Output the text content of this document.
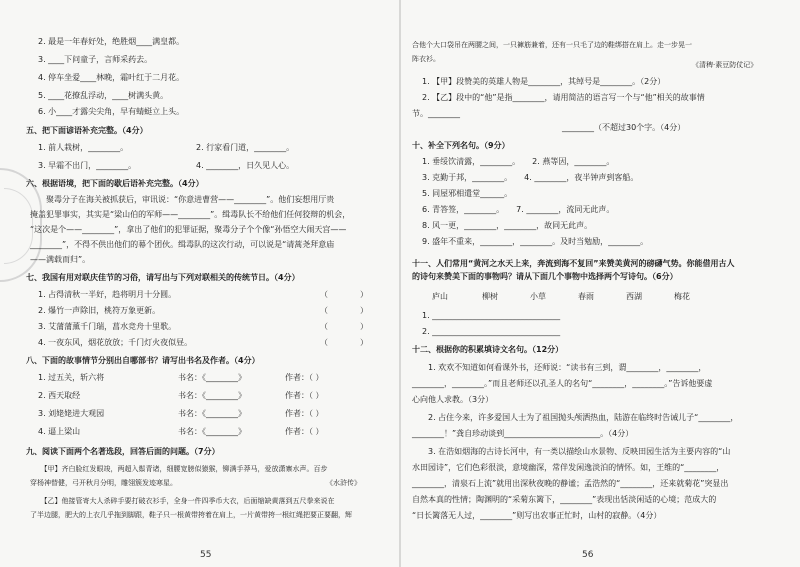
2. 最是一年春好处，绝胜烟____满皇都。
3. ____下问童子，言师采药去。
4. 停车坐爱____林晚，霜叶红于二月花。
5. ____花撩乱浮动，____树满头黄。
6. 小____才露尖尖角，早有蜻蜓立上头。
五、把下面谚语补充完整。（4分）
1. 前人栽树，________。	2. 行家看门道，________。
3. 早霜不出门，________。	4. ________，日久见人心。
六、根据语境，把下面的歇后语补充完整。（4分）
　　聚毒分子在海关被抓获后，审讯说：“你意进曹营——________”。他们妄想用厅贵
掩盖犯罪事实，其实是“梁山伯的军师——________”。缉毒队长不给他们任何狡辩的机会，
“这次是个——________”，拿出了他们的犯罪证据，聚毒分子个个像“孙悟空大闹天宫——
________”，不得不供出他们的幕个团伙。缉毒队的这次行动，可以说是“请蒿尧拜意庙
——满载而归”。
七、我国有用对联庆佳节的习俗，请写出与下列对联相关的传统节日。（4分）
1. 占得清秋一半好，趋将明月十分圆。	（　　　　）
2. 爆竹一声除旧，桃符万象更新。	（　　　　）
3. 艾蒲蒲薰千门瑞，菖水竞舟十里歌。	（　　　　）
4. 一夜东风，烟花放放；千门灯火夜似昼。	（　　　　）
八、下面的故事情节分别出自哪部书？请写出书名及作者。（4分）
1. 过五关，斩六将	书名：《________》	作者：（ ）
2. 西天取经	书名：《________》	作者：（ ）
3. 刘姥姥进大观园	书名：《________》	作者：（ ）
4. 逼上梁山	书名：《________》	作者：（ ）
九、阅读下面两个名著选段，回答后面的问题。（7分）
　　【甲】齐白脸红发眼竣，两超入鬃青诸，细腰宽膀似猿猴，铆满手莽马，爱放潇寨水声。百步
穿杨神替健，弓开秋月分明，雕翎簇发迹寒星。	《水浒传》
　　【乙】他接管寄大人杀碎手要打破衣衫手，全身一件四季币大衣，后面缩缺黄落到五尺拳来说在
了半边腿，肥大的上衣几乎拖到脚跟，鞋子只一根黄带挎着在肩上，一片黄带挎一根红绳把要正要翻，辉
55
合他个大口袋吊在两腰之间，一只褲筋兼着，还有一只毛了边的鞋绑搭在肩上。走一步晃一
阵衣衫。
《清稗·素豆防仗记》
1. 【甲】段赞美的英雄人物是________，其绰号是________。（2分）
2. 【乙】段中的“他”是指________，请用简洁的语言写一个与“他”相关的故事情
节。________
________（不超过30个字。（4分）
十、补全下列名句。（9分）
1. 垂绥饮清露，________。　　2. 燕等因，________。
3. 克勤于邦，________。　　4. ________，夜半钟声到客船。
5. 同屋邪相遣堂______。
6. 青答签，________。　　7. ________，流同无此声。
8. 风一更，________，________，故同无此声。
9. 盛年不重来，________，________。及时当勉励，________。
十一、人们常用“黄河之水天上来，奔流到海不复回”来赞美黄河的磅礴气势。你能借用古人
的诗句来赞美下面的事物吗？请从下面几个事物中选择两个写诗句。（6分）
庐山	柳树	小草	春雨	西湖	梅花
1. ________________________________
2. ________________________________
十二、根据你的积累填诗文名句。（12分）
　　1. 欢欢不知道如何看课外书，还师说：“读书有三到，谓________，________，
________，________。”而且老师还以孔圣人的名句“________，________。”告诉他要虚
心向他人求教。（3分）
　　2. 占住今来，许多爱国人士为了祖国抛头颅洒热血，陆游在临终时告诫儿子“________，
________！”龚自珍动谈到________________________。（4分）
　　3. 在浩如烟海的古诗长河中，有一类以描绘山水景物、反映田园生活为主要内容的“山
水田园诗”，它们色彩很淡，意境幽深，常伴发闲逸淡泊的情怀。如，王维的“________，
________，清泉石上流”就用出深秋夜晚的静谧；孟浩然的“________，还来就菊花”突显出
自然本真的性情；陶渊明的“采菊东篱下，________”表现出恬淡闲适的心境；范成大的
“日长篱落无人过，________”则写出农事正忙时，山村的寂静。（4分）
56
